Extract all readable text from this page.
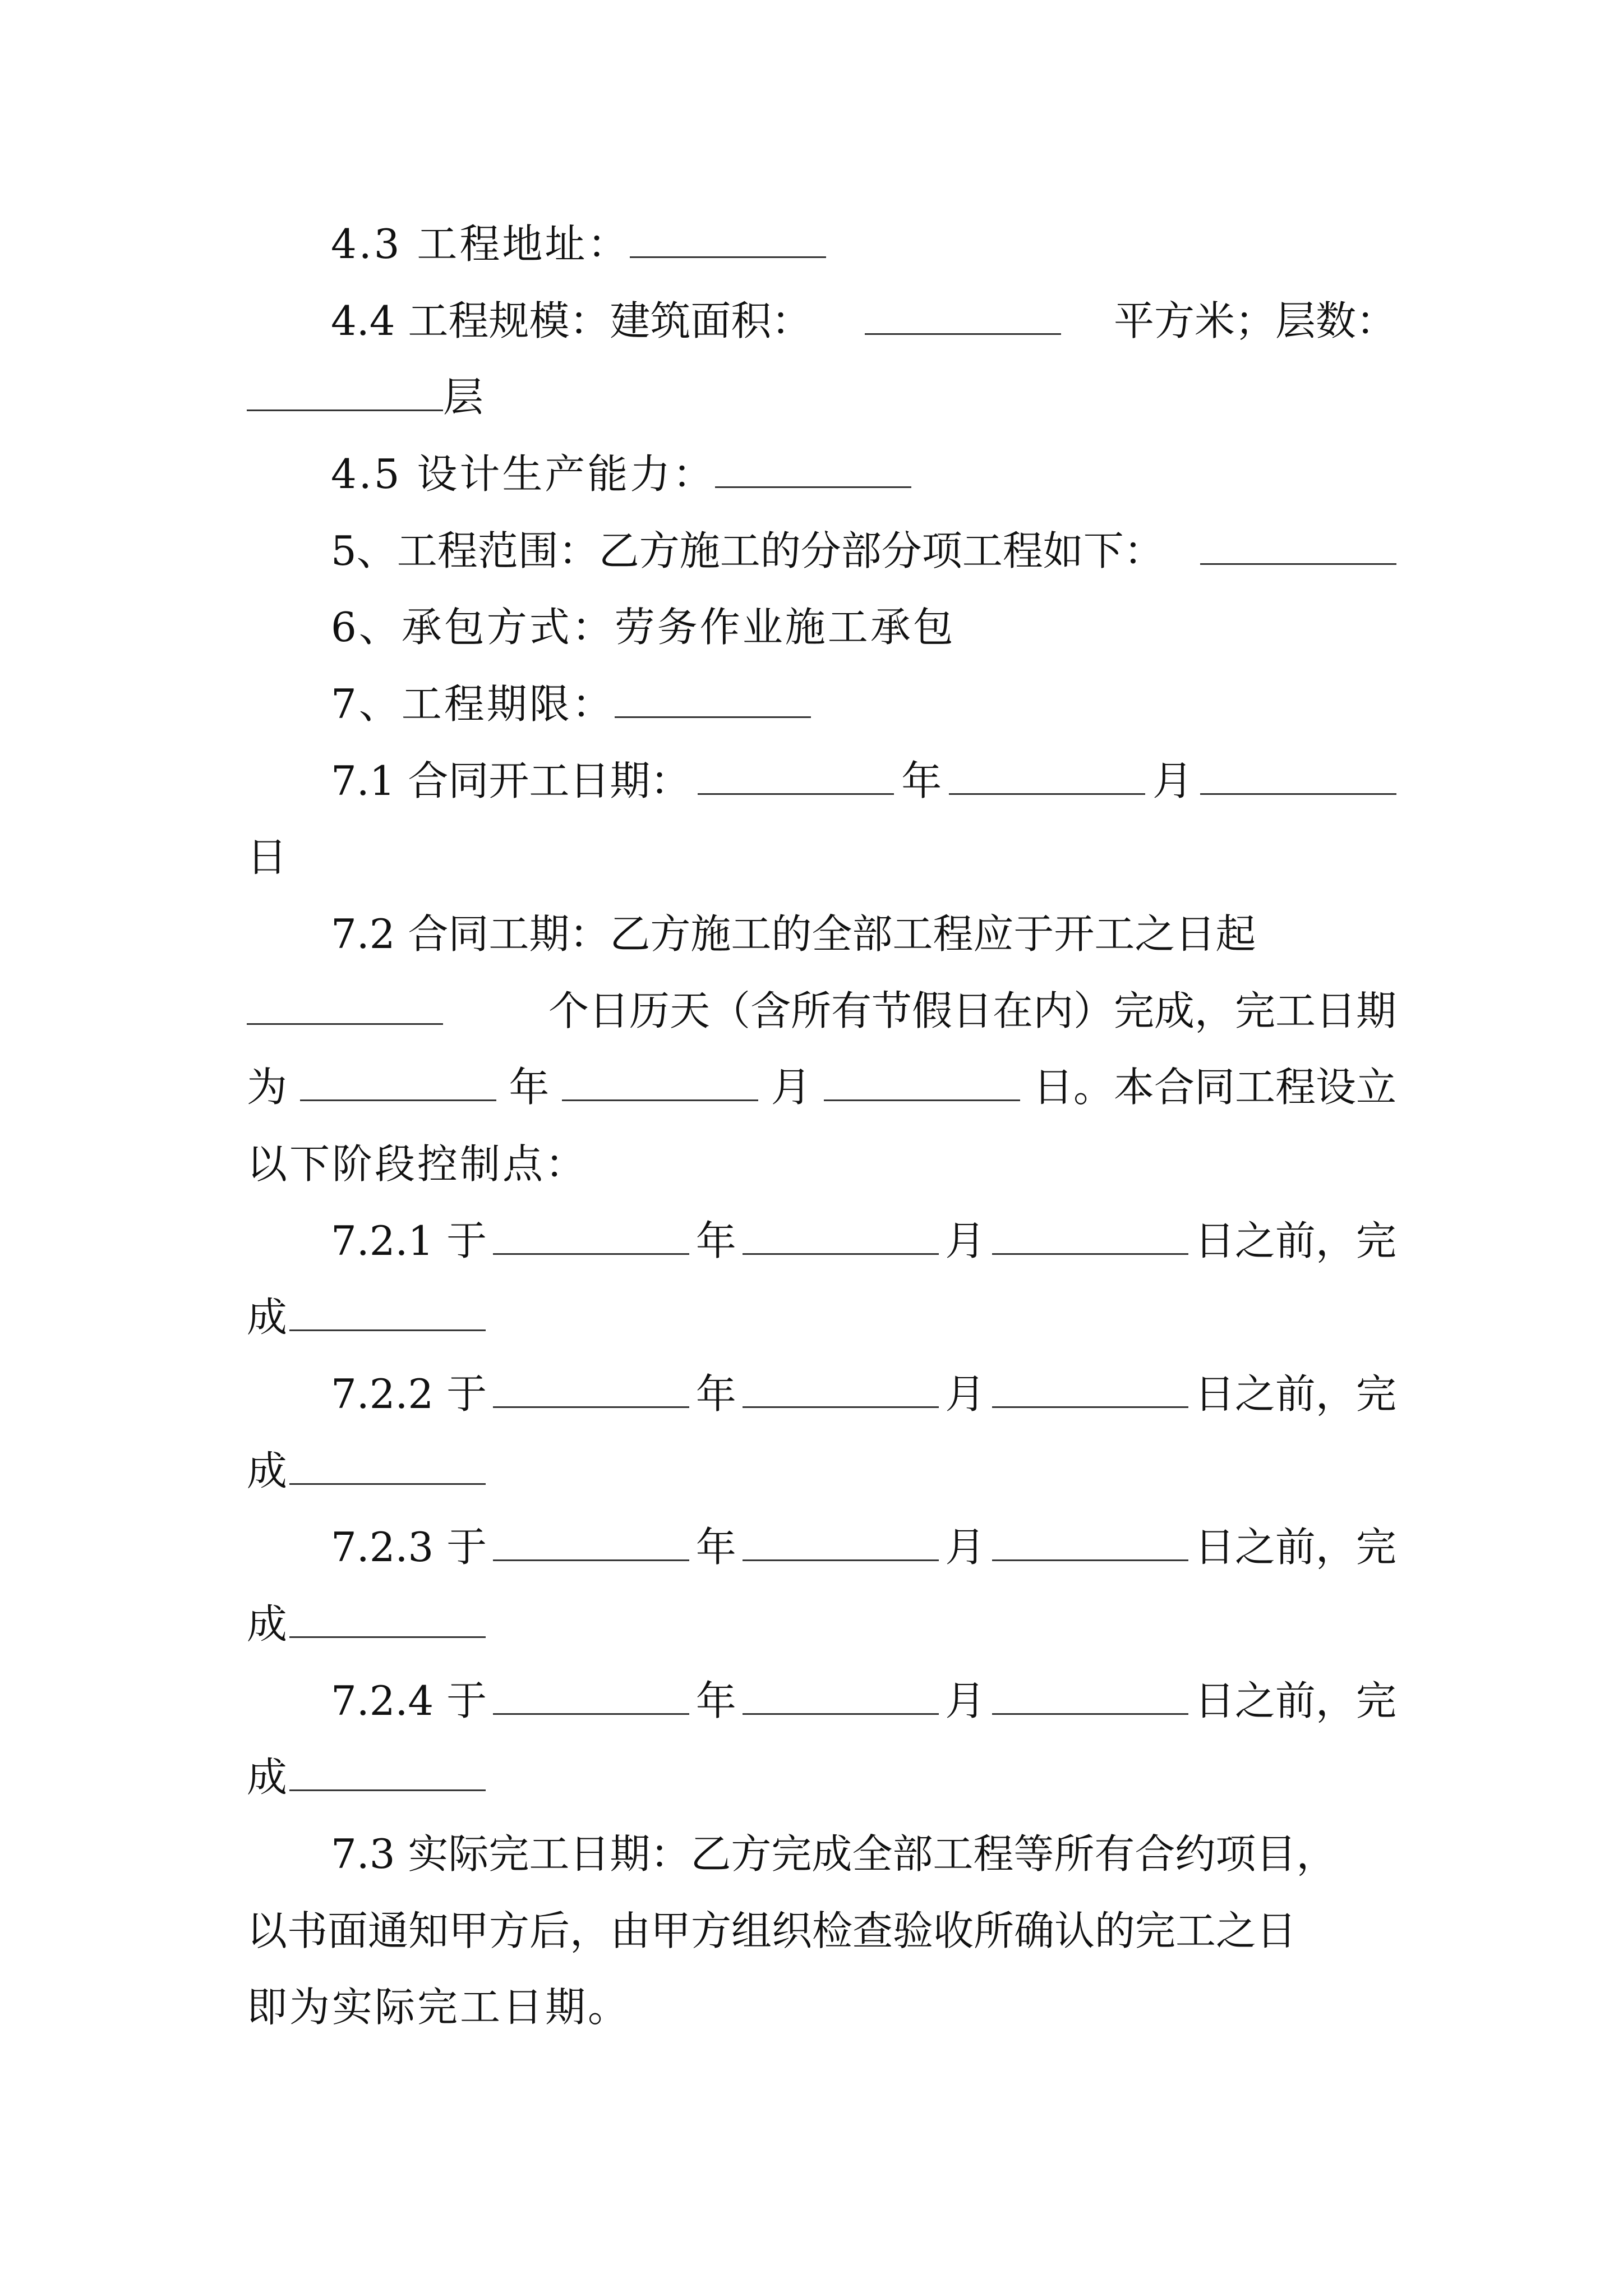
4.3 工程地址：
4.4 工程规模：建筑面积：	平方米；层数：
层
4.5 设计生产能力：
5、工程范围：乙方施工的分部分项工程如下：
6、承包方式：劳务作业施工承包
7、工程期限：
7.1 合同开工日期：	年	月
日
7.2 合同工期：乙方施工的全部工程应于开工之日起
个日历天（含所有节假日在内）完成，完工日期
为	年	月	日。本合同工程设立
以下阶段控制点：
7.2.1 于	年	月	日之前，完
成
7.2.2 于	年	月	日之前，完
成
7.2.3 于	年	月	日之前，完
成
7.2.4 于	年	月	日之前，完
成
7.3 实际完工日期：乙方完成全部工程等所有合约项目，
以书面通知甲方后，由甲方组织检查验收所确认的完工之日
即为实际完工日期。
